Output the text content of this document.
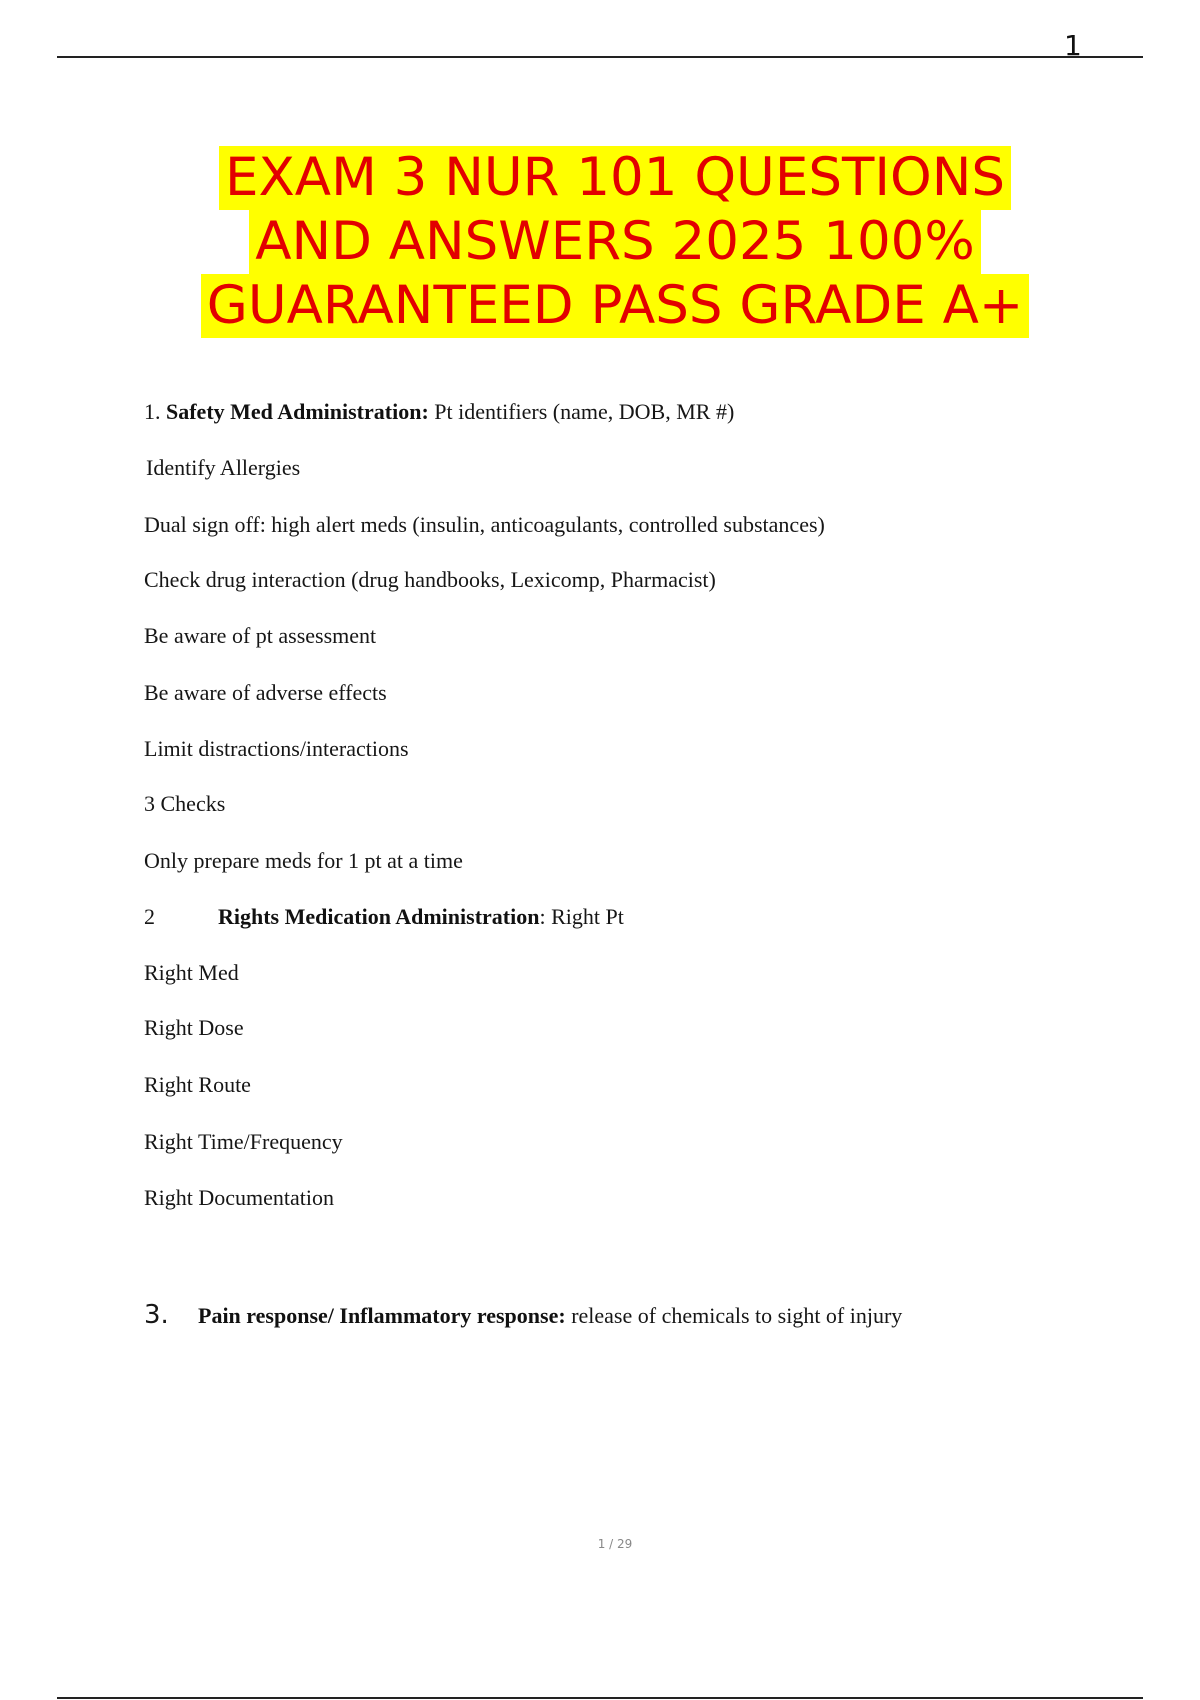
1
EXAM 3 NUR 101 QUESTIONS
AND ANSWERS 2025 100%
GUARANTEED PASS GRADE A+
1. Safety Med Administration: Pt identifiers (name, DOB, MR #)
Identify Allergies
Dual sign off: high alert meds (insulin, anticoagulants, controlled substances)
Check drug interaction (drug handbooks, Lexicomp, Pharmacist)
Be aware of pt assessment
Be aware of adverse effects
Limit distractions/interactions
3 Checks
Only prepare meds for 1 pt at a time
2	Rights Medication Administration: Right Pt
Right Med
Right Dose
Right Route
Right Time/Frequency
Right Documentation
3. Pain response/ Inflammatory response: release of chemicals to sight of injury
1 / 29
